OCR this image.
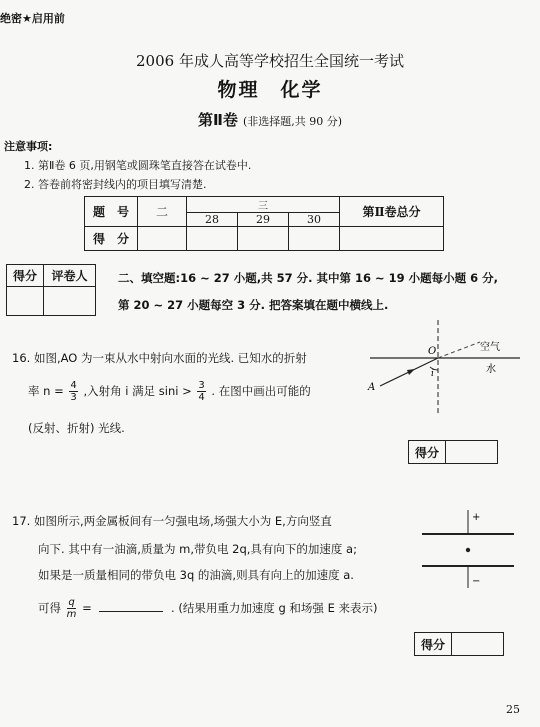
绝密★启用前
2006 年成人高等学校招生全国统一考试
物理　化学
第Ⅱ卷 (非选择题,共 90 分)
注意事项:
1. 第Ⅱ卷 6 页,用钢笔或圆珠笔直接答在试卷中.
2. 答卷前将密封线内的项目填写清楚.
题　号	二	三			第Ⅱ卷总分
		28	29	30	
得　分					
得分	评卷人
		二、填空题:16 ~ 27 小题,共 57 分. 其中第 16 ~ 19 小题每小题 6 分,
第 20 ~ 27 小题每空 3 分. 把答案填在题中横线上.
16. 如图,AO 为一束从水中射向水面的光线. 已知水的折射
率 $n = \frac{4}{3}$ ,入射角 i 满足 $\sin i > \frac{3}{4}$ . 在图中画出可能的
(反射、折射) 光线.
O	空气
水
A
i
得分	
17. 如图所示,两金属板间有一匀强电场,场强大小为 E,方向竖直
向下. 其中有一油滴,质量为 m,带负电 2q,具有向下的加速度 a;
如果是一质量相同的带负电 3q 的油滴,则具有向上的加速度 a.
可得 $\frac{q}{m}$ =	. (结果用重力加速度 g 和场强 E 来表示)
+
−
得分	
25
